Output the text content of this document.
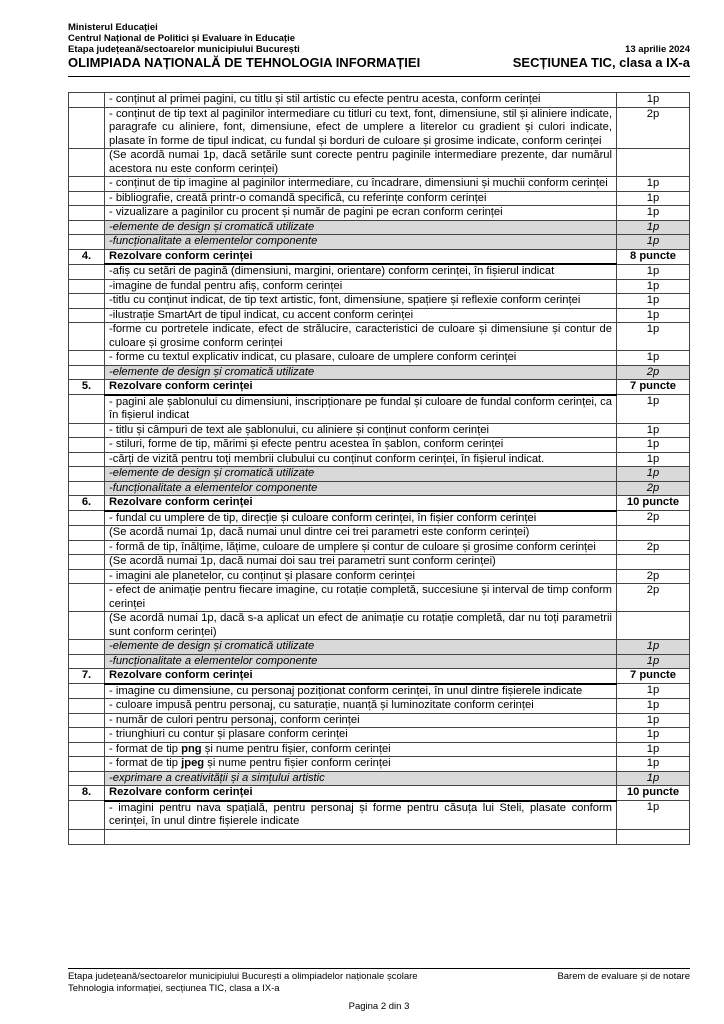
Ministerul Educației
Centrul Național de Politici și Evaluare în Educație
Etapa județeană/sectoarelor municipiului București	13 aprilie 2024
OLIMPIADA NAȚIONALĂ DE TEHNOLOGIA INFORMAȚIEI	SECȚIUNEA TIC, clasa a IX-a
	- conținut al primei pagini, cu titlu și stil artistic cu efecte pentru acesta, conform cerinței	1p
	- conținut de tip text al paginilor intermediare cu titluri cu text, font, dimensiune, stil și aliniere indicate, paragrafe cu aliniere, font, dimensiune, efect de umplere a literelor cu gradient și culori indicate, plasate în forme de tipul indicat, cu fundal și borduri de culoare și grosime indicate, conform cerinței	2p
	(Se acordă numai 1p, dacă setările sunt corecte pentru paginile intermediare prezente, dar numărul acestora nu este conform cerinței)	
	- conținut de tip imagine al paginilor intermediare, cu încadrare, dimensiuni și muchii conform cerinței	1p
	- bibliografie, creată printr-o comandă specifică, cu referințe conform cerinței	1p
	- vizualizare a paginilor cu procent și număr de pagini pe ecran conform cerinței	1p
	-elemente de design și cromatică utilizate	1p
	-funcționalitate a elementelor componente	1p
4.	Rezolvare conform cerinței	8 puncte
	-afiș cu setări de pagină (dimensiuni, margini, orientare) conform cerinței, în fișierul indicat	1p
	-imagine de fundal pentru afiș, conform cerinței	1p
	-titlu cu conținut indicat, de tip text artistic, font, dimensiune, spațiere și reflexie conform cerinței	1p
	-ilustrație SmartArt de tipul indicat, cu accent conform cerinței	1p
	-forme cu portretele indicate, efect de strălucire, caracteristici de culoare și dimensiune și contur de culoare și grosime conform cerinței	1p
	- forme cu textul explicativ indicat, cu plasare, culoare de umplere conform cerinței	1p
	-elemente de design și cromatică utilizate	2p
5.	Rezolvare conform cerinței	7 puncte
	- pagini ale șablonului cu dimensiuni, inscripționare pe fundal și culoare de fundal conform cerinței, ca în fișierul indicat	1p
	- titlu și câmpuri de text ale șablonului, cu aliniere și conținut conform cerinței	1p
	- stiluri, forme de tip, mărimi și efecte pentru acestea în șablon, conform cerinței	1p
	-cărți de vizită pentru toți membrii clubului cu conținut conform cerinței, în fișierul indicat.	1p
	-elemente de design și cromatică utilizate	1p
	-funcționalitate a elementelor componente	2p
6.	Rezolvare conform cerinței	10 puncte
	- fundal cu umplere de tip, direcție și culoare conform cerinței, în fișier conform cerinței	2p
	(Se acordă numai 1p, dacă numai unul dintre cei trei parametri este conform cerinței)	
	- formă de tip, înălțime, lățime, culoare de umplere și contur de culoare și grosime conform cerinței	2p
	(Se acordă numai 1p, dacă numai doi sau trei parametri sunt conform cerinței)	
	- imagini ale planetelor, cu conținut și plasare conform cerinței	2p
	- efect de animație pentru fiecare imagine, cu rotație completă, succesiune și interval de timp conform cerinței	2p
	(Se acordă numai 1p, dacă s-a aplicat un efect de animație cu rotație completă, dar nu toți parametrii sunt conform cerinței)	
	-elemente de design și cromatică utilizate	1p
	-funcționalitate a elementelor componente	1p
7.	Rezolvare conform cerinței	7 puncte
	- imagine cu dimensiune, cu personaj poziționat conform cerinței, în unul dintre fișierele indicate	1p
	- culoare impusă pentru personaj, cu saturație, nuanță și luminozitate conform cerinței	1p
	- număr de culori pentru personaj, conform cerinței	1p
	- triunghiuri cu contur și plasare conform cerinței	1p
	- format de tip png și nume pentru fișier, conform cerinței	1p
	- format de tip jpeg și nume pentru fișier conform cerinței	1p
	-exprimare a creativității și a simțului artistic	1p
8.	Rezolvare conform cerinței	10 puncte
	- imagini pentru nava spațială, pentru personaj și forme pentru căsuța lui Steli, plasate conform cerinței, în unul dintre fișierele indicate	1p

Etapa județeană/sectoarelor municipiului București a olimpiadelor naționale școlare	Barem de evaluare și de notare
Tehnologia informației, secțiunea TIC, clasa a IX-a
Pagina 2 din 3
